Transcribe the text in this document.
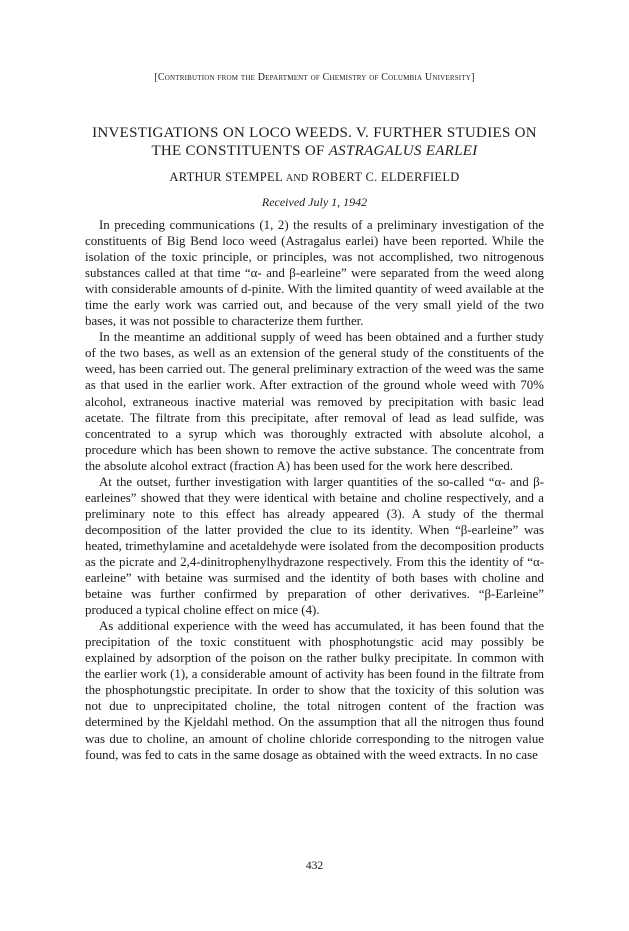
[Contribution from the Department of Chemistry of Columbia University]
INVESTIGATIONS ON LOCO WEEDS. V. FURTHER STUDIES ON
THE CONSTITUENTS OF ASTRAGALUS EARLEI
ARTHUR STEMPEL AND ROBERT C. ELDERFIELD
Received July 1, 1942

In preceding communications (1, 2) the results of a preliminary investigation of the constituents of Big Bend loco weed (Astragalus earlei) have been reported. While the isolation of the toxic principle, or principles, was not accomplished, two nitrogenous substances called at that time “α- and β-earleine” were separated from the weed along with considerable amounts of d-pinite. With the limited quantity of weed available at the time the early work was carried out, and because of the very small yield of the two bases, it was not possible to characterize them further.

In the meantime an additional supply of weed has been obtained and a further study of the two bases, as well as an extension of the general study of the constituents of the weed, has been carried out. The general preliminary extraction of the weed was the same as that used in the earlier work. After extraction of the ground whole weed with 70% alcohol, extraneous inactive material was removed by precipitation with basic lead acetate. The filtrate from this precipitate, after removal of lead as lead sulfide, was concentrated to a syrup which was thoroughly extracted with absolute alcohol, a procedure which has been shown to remove the active substance. The concentrate from the absolute alcohol extract (fraction A) has been used for the work here described.

At the outset, further investigation with larger quantities of the so-called “α- and β-earleines” showed that they were identical with betaine and choline respectively, and a preliminary note to this effect has already appeared (3). A study of the thermal decomposition of the latter provided the clue to its identity. When “β-earleine” was heated, trimethylamine and acetaldehyde were isolated from the decomposition products as the picrate and 2,4-dinitrophenylhydrazone respectively. From this the identity of “α-earleine” with betaine was surmised and the identity of both bases with choline and betaine was further confirmed by preparation of other derivatives. “β-Earleine” produced a typical choline effect on mice (4).

As additional experience with the weed has accumulated, it has been found that the precipitation of the toxic constituent with phosphotungstic acid may possibly be explained by adsorption of the poison on the rather bulky precipitate. In common with the earlier work (1), a considerable amount of activity has been found in the filtrate from the phosphotungstic precipitate. In order to show that the toxicity of this solution was not due to unprecipitated choline, the total nitrogen content of the fraction was determined by the Kjeldahl method. On the assumption that all the nitrogen thus found was due to choline, an amount of choline chloride corresponding to the nitrogen value found, was fed to cats in the same dosage as obtained with the weed extracts. In no case

432
